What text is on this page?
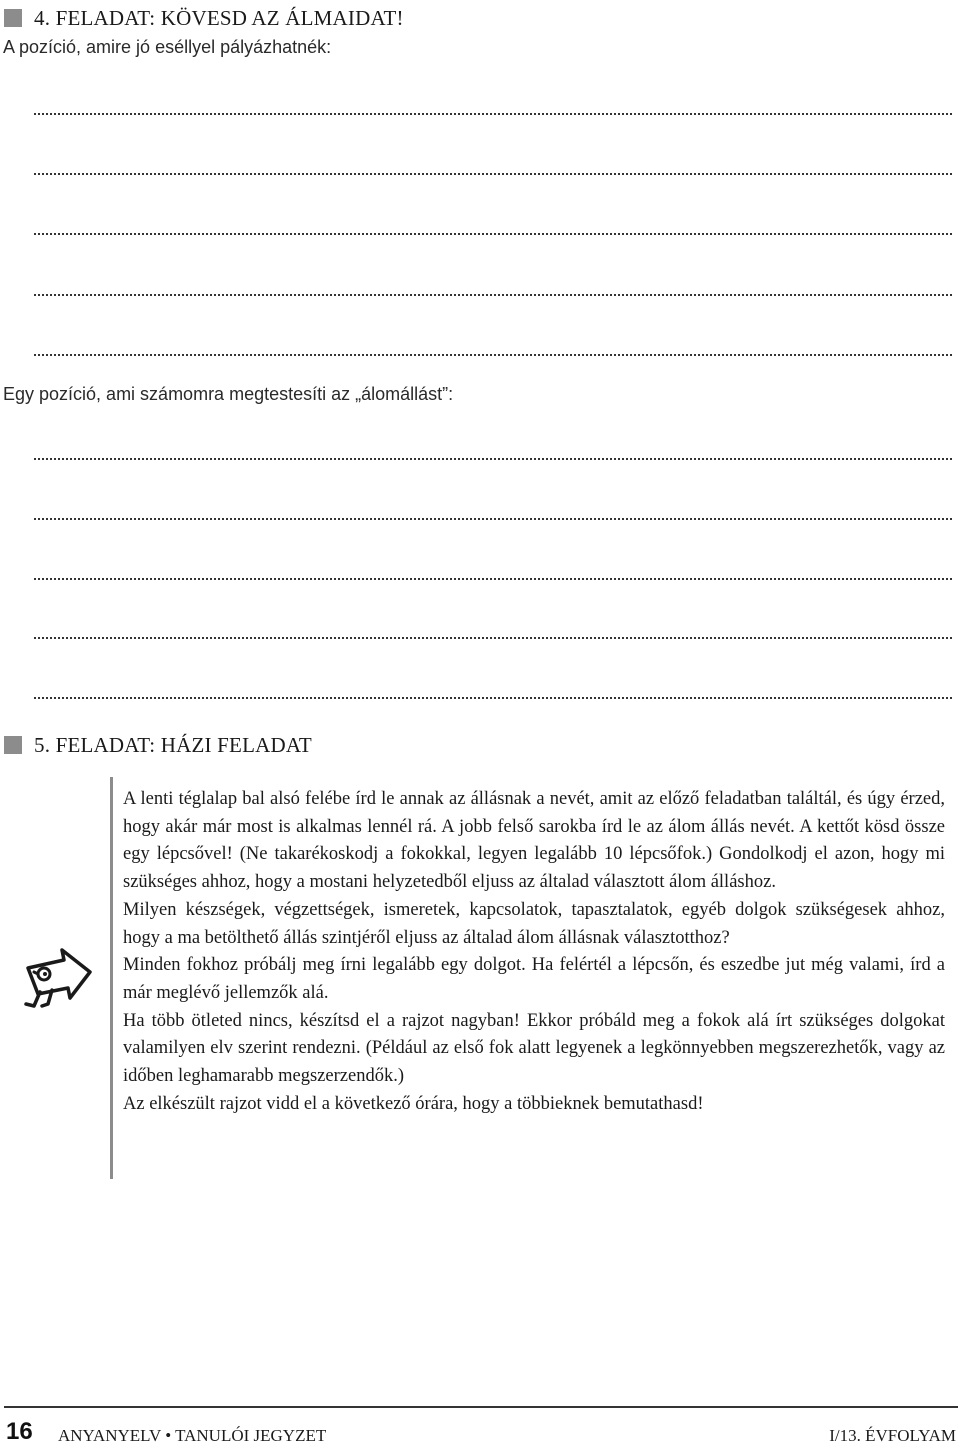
4. FELADAT: KÖVESD AZ ÁLMAIDAT!
A pozíció, amire jó eséllyel pályázhatnék:
Egy pozíció, ami számomra megtestesíti az „álomállást”:
5. FELADAT: HÁZI FELADAT

A lenti téglalap bal alsó felébe írd le annak az állásnak a nevét, amit az előző feladatban találtál, és úgy érzed, hogy akár már most is alkalmas lennél rá. A jobb felső sarokba írd le az álom állás nevét. A kettőt kösd össze egy lépcsővel! (Ne takarékoskodj a fokokkal, legyen legalább 10 lépcsőfok.) Gondolkodj el azon, hogy mi szükséges ahhoz, hogy a mostani helyzetedből eljuss az általad választott álom álláshoz.

Milyen készségek, végzettségek, ismeretek, kapcsolatok, tapasztalatok, egyéb dolgok szükségesek ahhoz, hogy a ma betölthető állás szintjéről eljuss az általad álom állásnak választotthoz?

Minden fokhoz próbálj meg írni legalább egy dolgot. Ha felértél a lépcsőn, és eszedbe jut még valami, írd a már meglévő jellemzők alá.

Ha több ötleted nincs, készítsd el a rajzot nagyban! Ekkor próbáld meg a fokok alá írt szükséges dolgokat valamilyen elv szerint rendezni. (Például az első fok alatt legyenek a legkönnyebben megszerezhetők, vagy az időben leghamarabb megszerzendők.)

Az elkészült rajzot vidd el a következő órára, hogy a többieknek bemutathasd!

16 ANYANYELV • TANULÓI JEGYZET	I/13. ÉVFOLYAM
